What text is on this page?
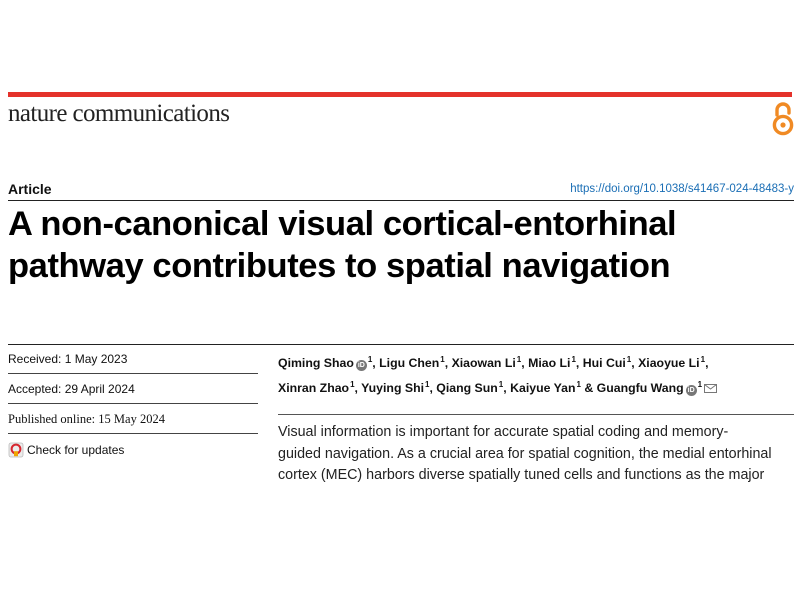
nature communications
Article	https://doi.org/10.1038/s41467-024-48483-y
A non-canonical visual cortical-entorhinal
pathway contributes to spatial navigation
Received: 1 May 2023
Accepted: 29 April 2024
Published online: 15 May 2024
Check for updates

Qiming Shao $iD^1$, Ligu Chen$^1$, Xiaowan Li$^1$, Miao Li$^1$, Hui Cui$^1$, Xiaoyue Li$^1$,
Xinran Zhao$^1$, Yuying Shi$^1$, Qiang Sun$^1$, Kaiyue Yan$^1$ & Guangfu Wang $iD^1$

Visual information is important for accurate spatial coding and memory-
guided navigation. As a crucial area for spatial cognition, the medial entorhinal
cortex (MEC) harbors diverse spatially tuned cells and functions as the major
